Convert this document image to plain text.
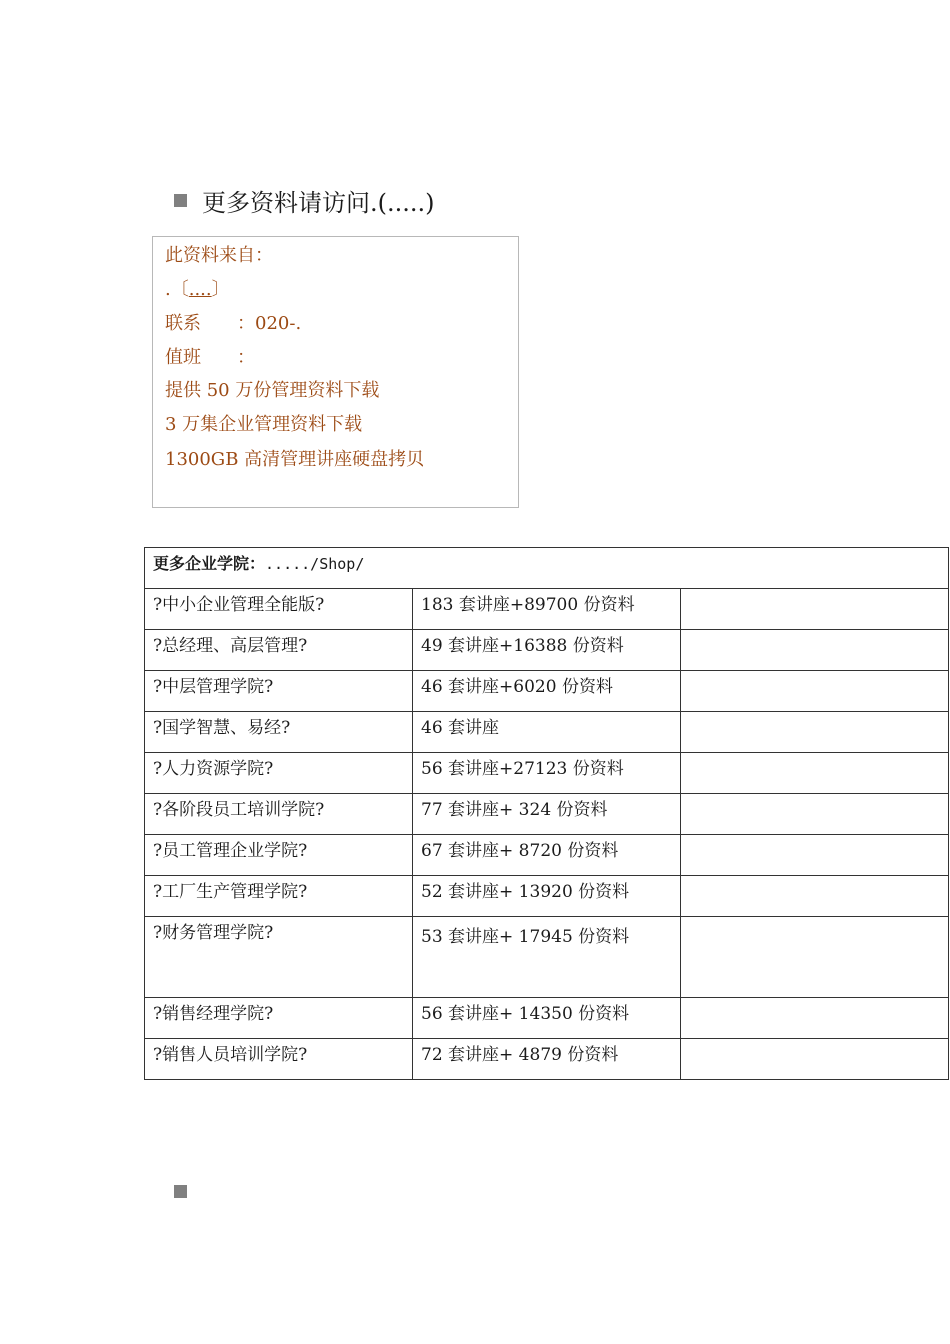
更多资料请访问.(.....)
此资料来自：
.〔....〕
联系　　：020-.
值班　　：
提供 50 万份管理资料下载
3 万集企业管理资料下载
1300GB 高清管理讲座硬盘拷贝
更多企业学院：...../Shop/		
?中小企业管理全能版?	183 套讲座+89700 份资料	
?总经理、高层管理?	49 套讲座+16388 份资料	
?中层管理学院?	46 套讲座+6020 份资料	
?国学智慧、易经?	46 套讲座	
?人力资源学院?	56 套讲座+27123 份资料	
?各阶段员工培训学院?	77 套讲座+ 324 份资料	
?员工管理企业学院?	67 套讲座+ 8720 份资料	
?工厂生产管理学院?	52 套讲座+ 13920 份资料	
?财务管理学院?	53 套讲座+ 17945 份资料	
?销售经理学院?	56 套讲座+ 14350 份资料	
?销售人员培训学院?	72 套讲座+ 4879 份资料	
